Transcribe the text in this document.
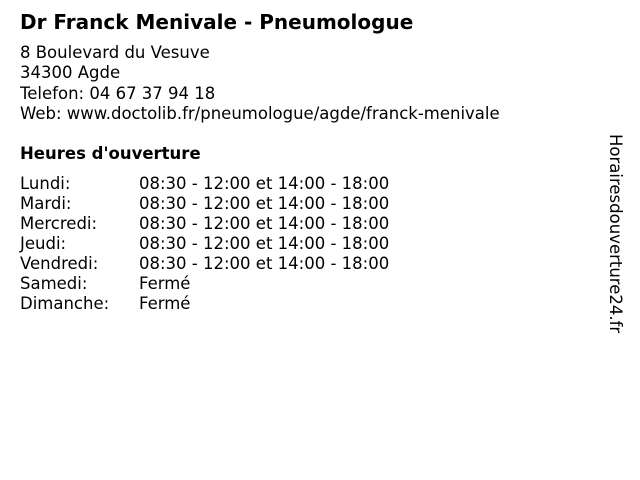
Dr Franck Menivale - Pneumologue
8 Boulevard du Vesuve
34300 Agde
Telefon: 04 67 37 94 18
Web: www.doctolib.fr/pneumologue/agde/franck-menivale
Heures d'ouverture
Lundi:	08:30 - 12:00 et 14:00 - 18:00
Mardi:	08:30 - 12:00 et 14:00 - 18:00
Mercredi:	08:30 - 12:00 et 14:00 - 18:00
Jeudi:	08:30 - 12:00 et 14:00 - 18:00
Vendredi:	08:30 - 12:00 et 14:00 - 18:00
Samedi:	Fermé
Dimanche:	Fermé	Horairesdouverture24.fr
